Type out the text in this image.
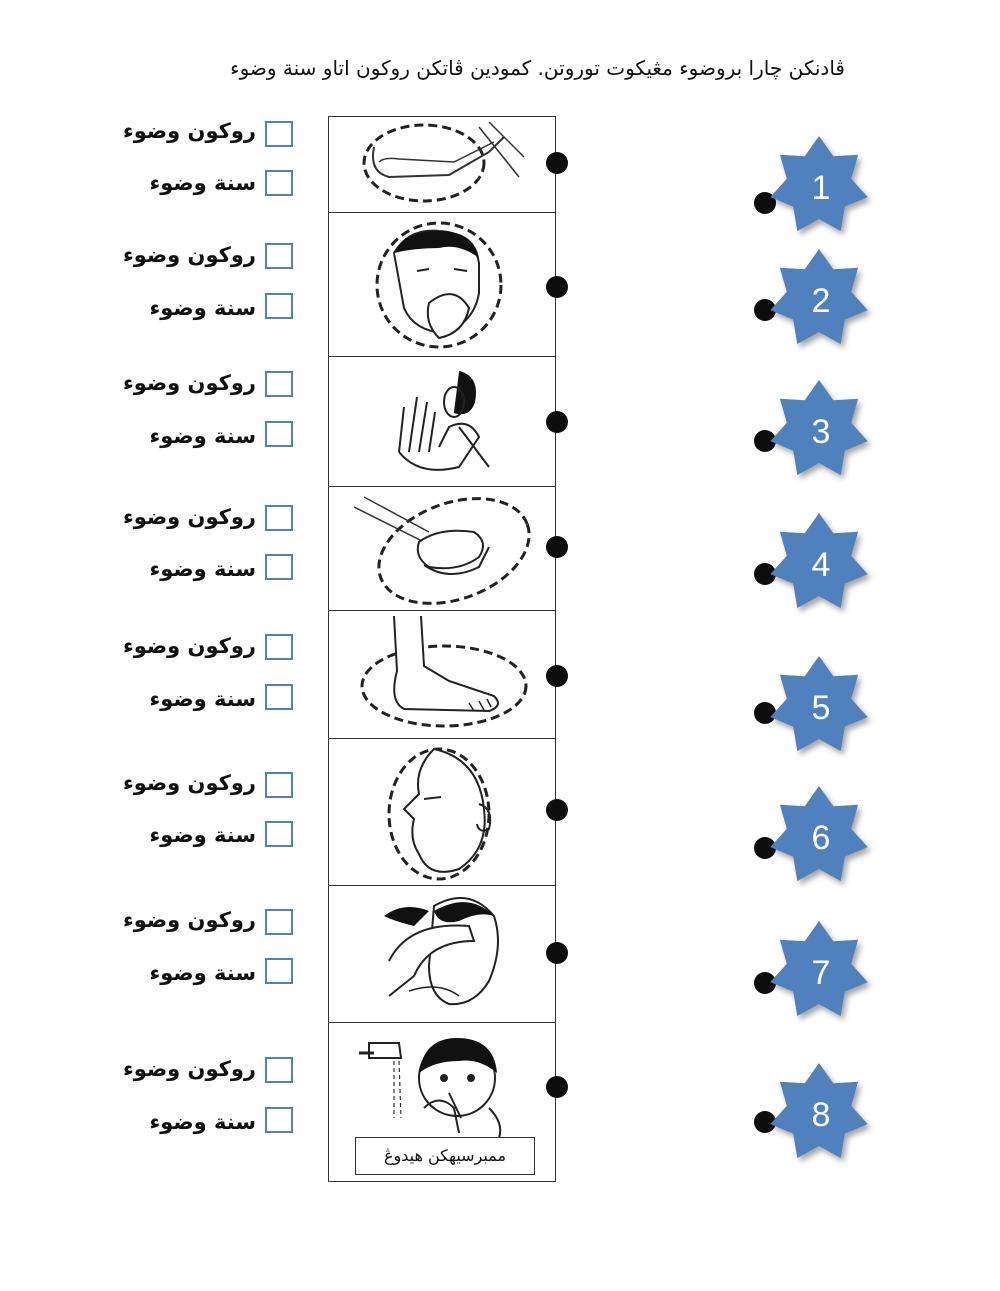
ڤادنكن چارا بروضوء مڠيكوت توروتن. كمودين ڤاتكن روكون اتاو سنة وضوء
ممبرسيهكن هيدوڠ
1
2
3
4
5
6
7
8
روكون وضوء
سنة وضوء
روكون وضوء
سنة وضوء
روكون وضوء
سنة وضوء
روكون وضوء
سنة وضوء
روكون وضوء
سنة وضوء
روكون وضوء
سنة وضوء
روكون وضوء
سنة وضوء
روكون وضوء
سنة وضوء
